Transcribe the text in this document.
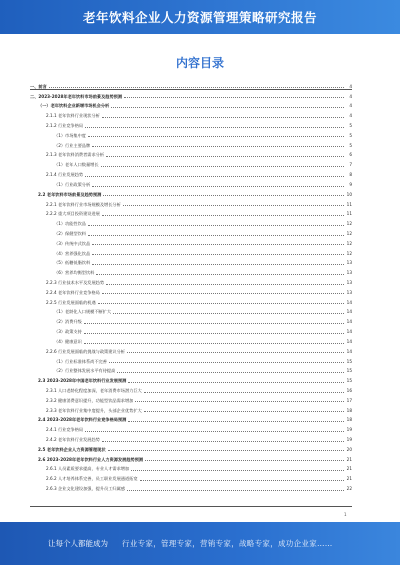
老年饮料企业人力资源管理策略研究报告
内容目录
一、前言	4
二、2023-2028年老年饮料市场前景及趋势预测	4
（一）老年饮料企业新增市场机会分析	4
2.1.1 老年饮料行业现状分析	4
2.1.2 行业竞争格局	5
（1）市场集中度	5
（2）行业主要品牌	5
2.1.3 老年饮料消费者需求分析	6
（1）老年人口数量增长	7
2.1.4 行业发展趋势	8
（1）行业政策分析	9
2.2 老年饮料市场前景及趋势预测	10
2.2.1 老年饮料行业市场规模及增长分析	11
2.2.2 重大项目投资建设进展	11
（1）功能性饮品	12
（2）保健型饮料	12
（3）传统中式饮品	12
（4）营养强化饮品	12
（5）低糖低脂饮料	13
（6）营养均衡型饮料	13
2.2.3 行业技术水平及发展趋势	13
2.2.4 老年饮料行业竞争格局	13
2.2.5 行业发展面临的机遇	14
（1）老龄化人口规模不断扩大	14
（2）消费升级	14
（3）政策支持	14
（4）健康意识	14
2.2.6 行业发展面临的挑战与政策建议分析	14
（1）行业标准体系尚不完善	15
（2）行业整体发展水平有待提高	15
2.3 2023-2028年中国老年饮料行业发展预测	15
2.3.1 人口老龄化程度加深，老年消费市场潜力巨大	16
2.3.2 健康消费意识提升，功能型饮品需求增加	17
2.3.3 老年饮料行业集中度提升，头部企业优势扩大	18
2.4 2023-2028年老年饮料行业竞争格局预测	18
2.4.1 行业竞争格局	19
2.4.2 老年饮料行业发展趋势	19
2.5 老年饮料企业人力资源管理现状	20
2.6 2023-2028年老年饮料行业人力资源发展趋势预测	21
2.6.1 人员素质要求提高，专业人才需求增加	21
2.6.2 人才培养体系完善，员工职业发展通道拓宽	21
2.6.3 企业文化建设加强，提升员工归属感	22
1
让每个人都能成为 行业专家，管理专家，营销专家，战略专家，成功企业家……
